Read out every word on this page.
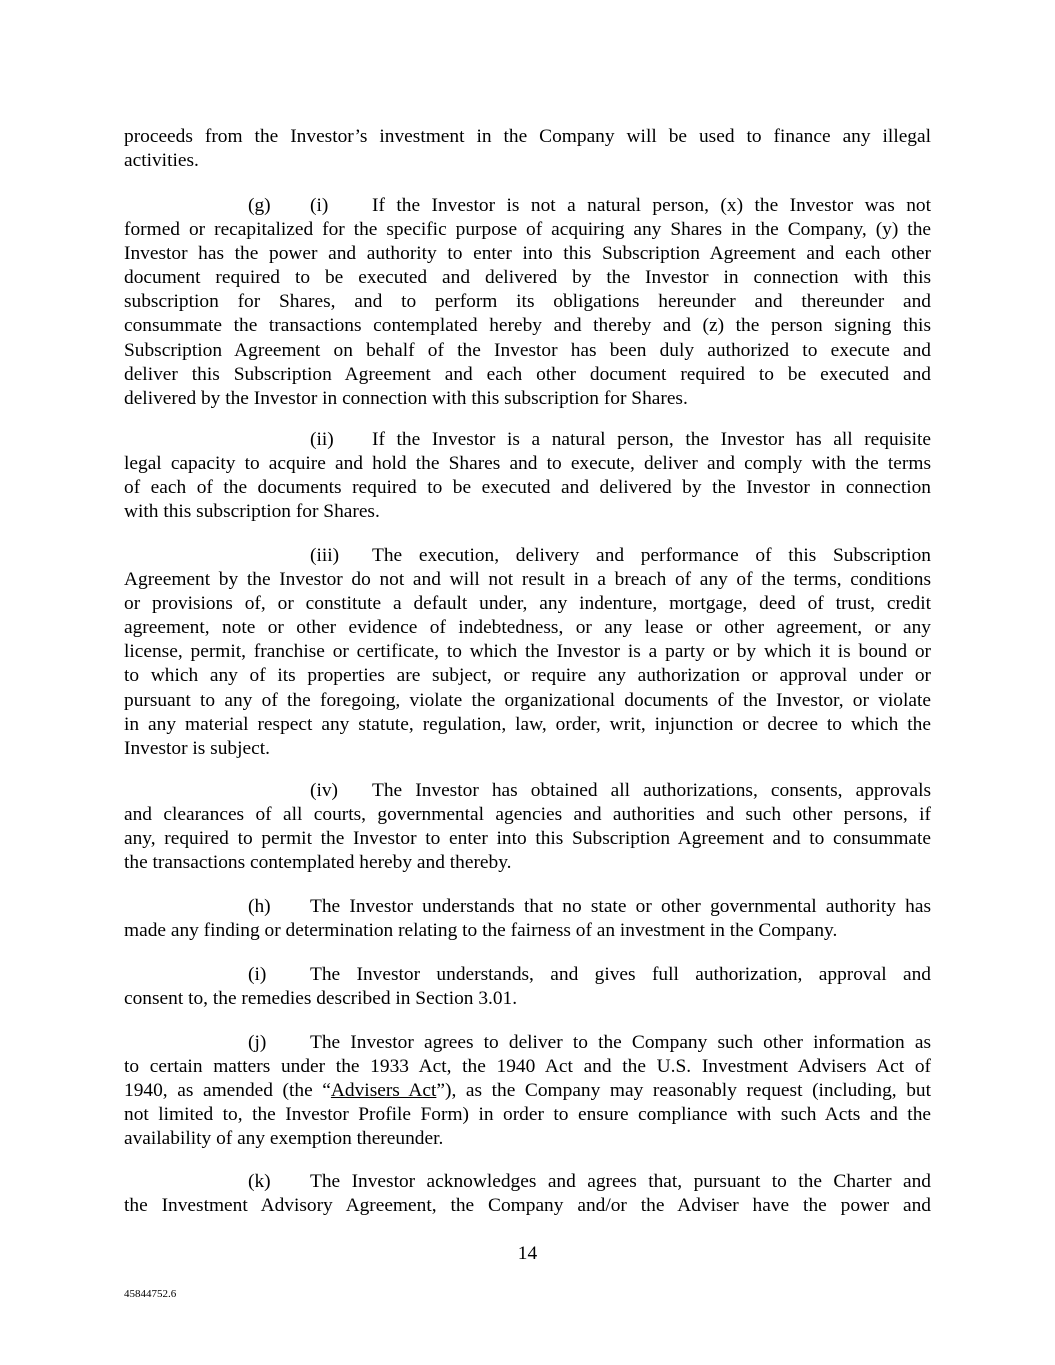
proceeds from the Investor’s investment in the Company will be used to finance any illegal
activities.

(g) (i) If the Investor is not a natural person, (x) the Investor was not
formed or recapitalized for the specific purpose of acquiring any Shares in the Company, (y) the
Investor has the power and authority to enter into this Subscription Agreement and each other
document required to be executed and delivered by the Investor in connection with this
subscription for Shares, and to perform its obligations hereunder and thereunder and
consummate the transactions contemplated hereby and thereby and (z) the person signing this
Subscription Agreement on behalf of the Investor has been duly authorized to execute and
deliver this Subscription Agreement and each other document required to be executed and
delivered by the Investor in connection with this subscription for Shares.

(ii) If the Investor is a natural person, the Investor has all requisite
legal capacity to acquire and hold the Shares and to execute, deliver and comply with the terms
of each of the documents required to be executed and delivered by the Investor in connection
with this subscription for Shares.

(iii) The execution, delivery and performance of this Subscription
Agreement by the Investor do not and will not result in a breach of any of the terms, conditions
or provisions of, or constitute a default under, any indenture, mortgage, deed of trust, credit
agreement, note or other evidence of indebtedness, or any lease or other agreement, or any
license, permit, franchise or certificate, to which the Investor is a party or by which it is bound or
to which any of its properties are subject, or require any authorization or approval under or
pursuant to any of the foregoing, violate the organizational documents of the Investor, or violate
in any material respect any statute, regulation, law, order, writ, injunction or decree to which the
Investor is subject.

(iv) The Investor has obtained all authorizations, consents, approvals
and clearances of all courts, governmental agencies and authorities and such other persons, if
any, required to permit the Investor to enter into this Subscription Agreement and to consummate
the transactions contemplated hereby and thereby.

(h) The Investor understands that no state or other governmental authority has
made any finding or determination relating to the fairness of an investment in the Company.

(i) The Investor understands, and gives full authorization, approval and
consent to, the remedies described in Section 3.01.

(j) The Investor agrees to deliver to the Company such other information as
to certain matters under the 1933 Act, the 1940 Act and the U.S. Investment Advisers Act of
1940, as amended (the “Advisers Act”), as the Company may reasonably request (including, but
not limited to, the Investor Profile Form) in order to ensure compliance with such Acts and the
availability of any exemption thereunder.

(k) The Investor acknowledges and agrees that, pursuant to the Charter and
the Investment Advisory Agreement, the Company and/or the Adviser have the power and

14
45844752.6
